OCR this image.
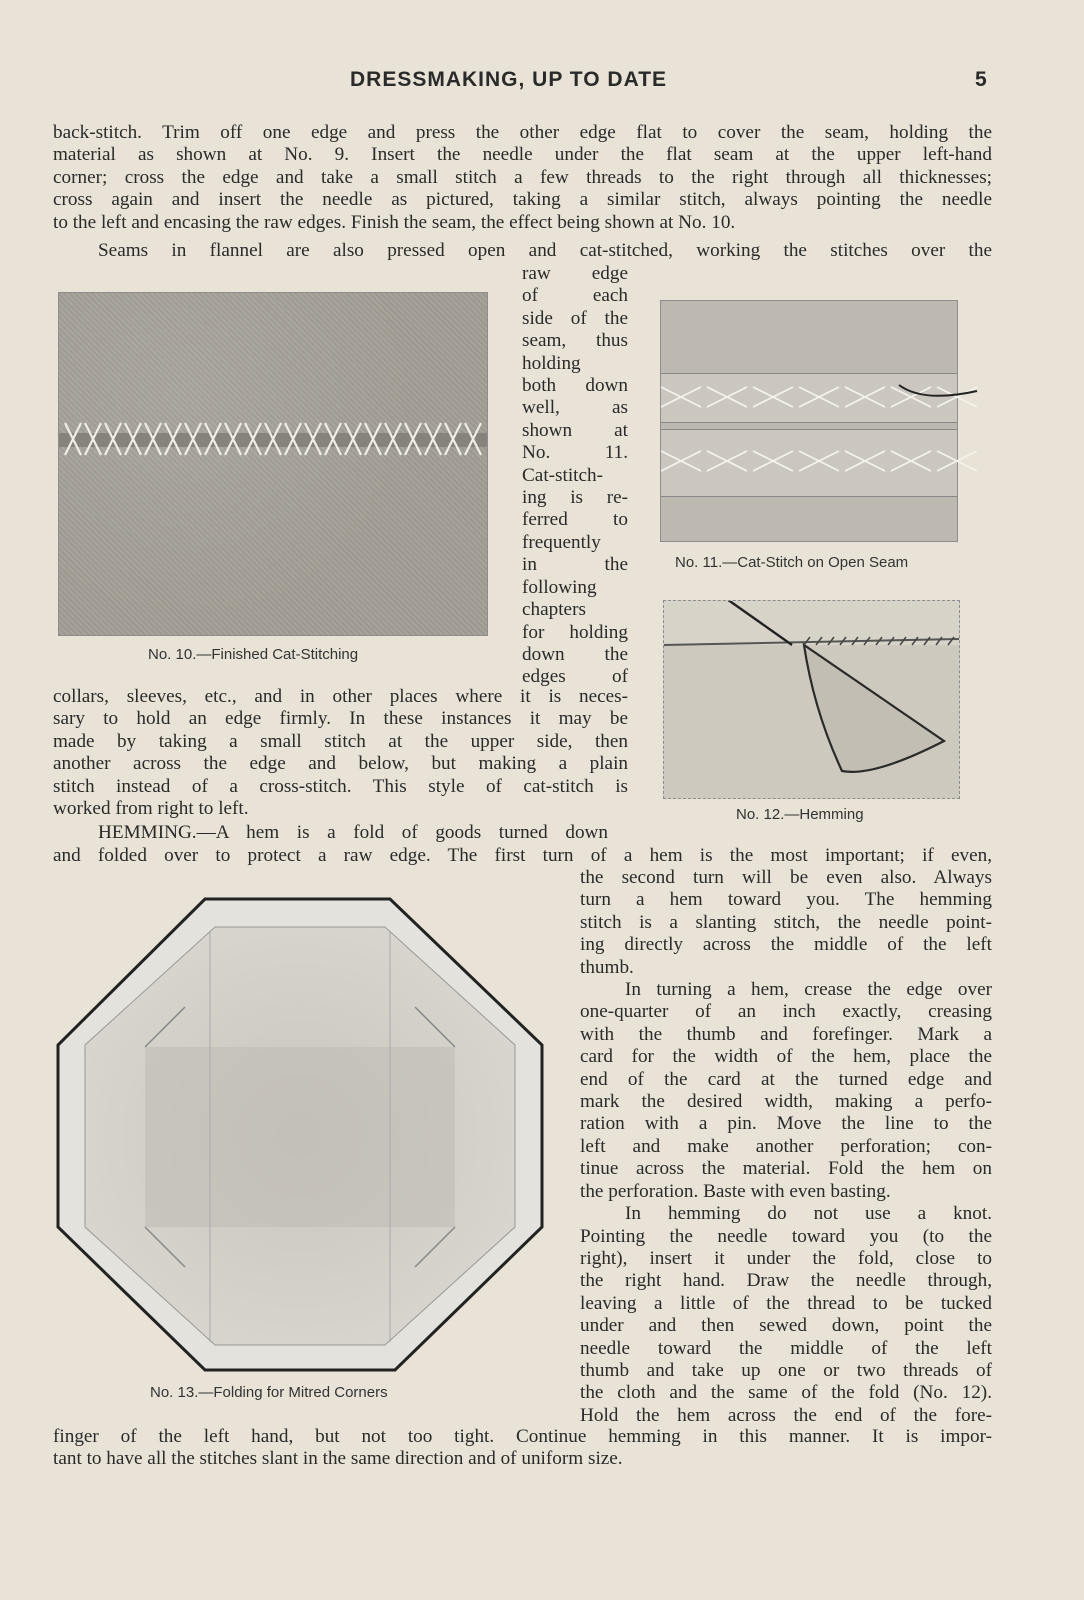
DRESSMAKING, UP TO DATE	5
back-stitch. Trim off one edge and press the other edge flat to cover the seam, holding the
material as shown at No. 9. Insert the needle under the flat seam at the upper left-hand
corner; cross the edge and take a small stitch a few threads to the right through all thicknesses;
cross again and insert the needle as pictured, taking a similar stitch, always pointing the needle
to the left and encasing the raw edges. Finish the seam, the effect being shown at No. 10.
Seams in flannel are also pressed open and cat-stitched, working the stitches over the
raw edge
of each
side of the
seam, thus
holding
both down
well, as
shown at
No. 11.
Cat-stitch-
ing is re-
ferred to
frequently
in the
following
chapters
for holding
down the
edges of
No. 10.—Finished Cat-Stitching
No. 11.—Cat-Stitch on Open Seam
No. 12.—Hemming
collars, sleeves, etc., and in other places where it is neces-
sary to hold an edge firmly. In these instances it may be
made by taking a small stitch at the upper side, then
another across the edge and below, but making a plain
stitch instead of a cross-stitch. This style of cat-stitch is
worked from right to left.
HEMMING.—A hem is a fold of goods turned down
and folded over to protect a raw edge. The first turn of a hem is the most important; if even,
No. 13.—Folding for Mitred Corners
the second turn will be even also. Always
turn a hem toward you. The hemming
stitch is a slanting stitch, the needle point-
ing directly across the middle of the left
thumb.
In turning a hem, crease the edge over
one-quarter of an inch exactly, creasing
with the thumb and forefinger. Mark a
card for the width of the hem, place the
end of the card at the turned edge and
mark the desired width, making a perfo-
ration with a pin. Move the line to the
left and make another perforation; con-
tinue across the material. Fold the hem on
the perforation. Baste with even basting.
In hemming do not use a knot.
Pointing the needle toward you (to the
right), insert it under the fold, close to
the right hand. Draw the needle through,
leaving a little of the thread to be tucked
under and then sewed down, point the
needle toward the middle of the left
thumb and take up one or two threads of
the cloth and the same of the fold (No. 12).
Hold the hem across the end of the fore-
finger of the left hand, but not too tight. Continue hemming in this manner. It is impor-
tant to have all the stitches slant in the same direction and of uniform size.
